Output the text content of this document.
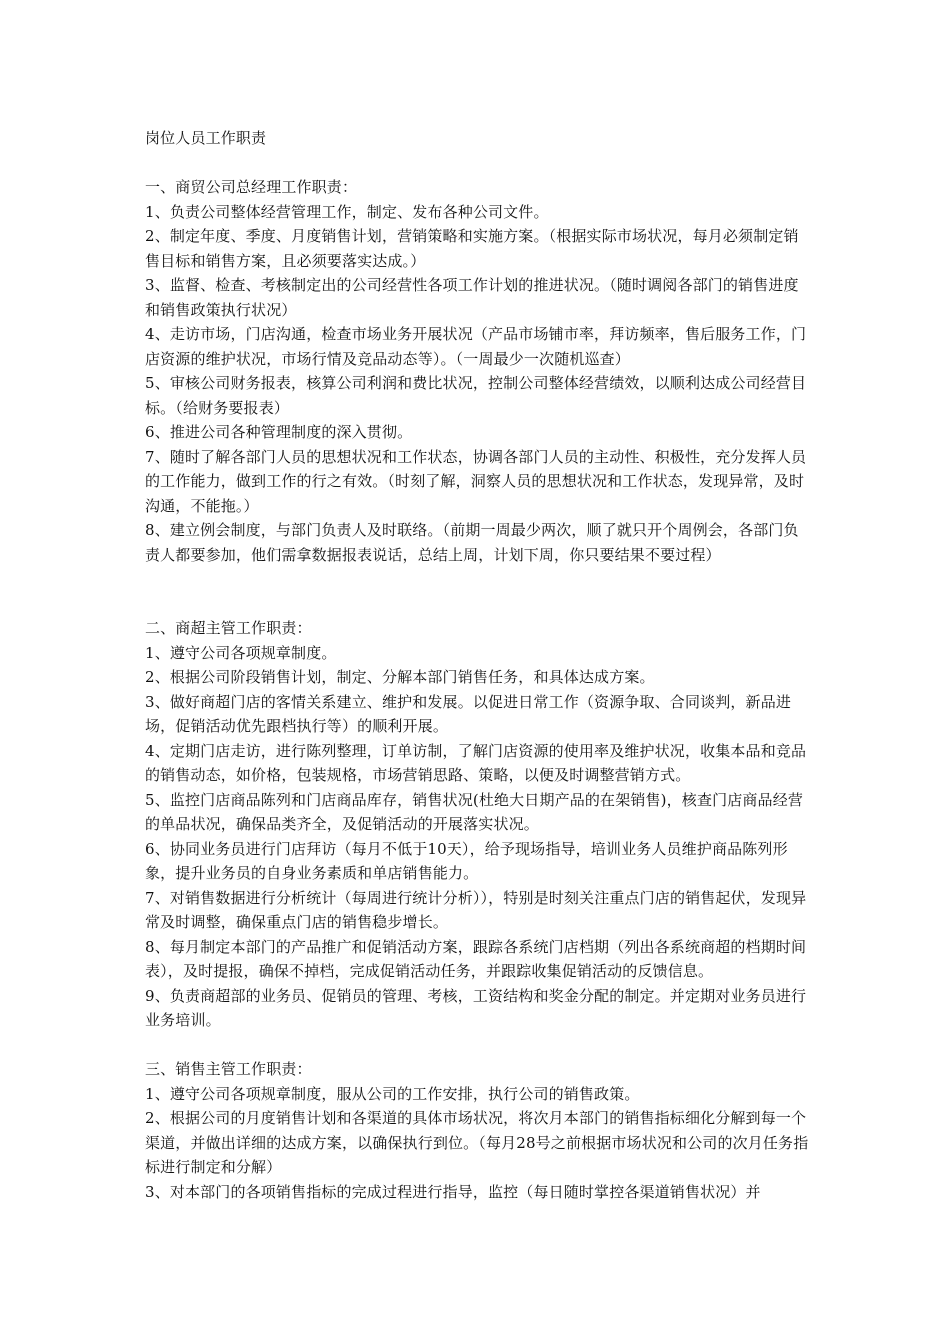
岗位人员工作职责

一、商贸公司总经理工作职责：

1、负责公司整体经营管理工作，制定、发布各种公司文件。

2、制定年度、季度、月度销售计划，营销策略和实施方案。（根据实际市场状况，每月必须制定销售目标和销售方案，且必须要落实达成。）

3、监督、检查、考核制定出的公司经营性各项工作计划的推进状况。（随时调阅各部门的销售进度和销售政策执行状况）

4、走访市场，门店沟通，检查市场业务开展状况（产品市场铺市率，拜访频率，售后服务工作，门店资源的维护状况，市场行情及竞品动态等）。（一周最少一次随机巡查）

5、审核公司财务报表，核算公司利润和费比状况，控制公司整体经营绩效，以顺利达成公司经营目标。（给财务要报表）

6、推进公司各种管理制度的深入贯彻。

7、随时了解各部门人员的思想状况和工作状态，协调各部门人员的主动性、积极性，充分发挥人员的工作能力，做到工作的行之有效。（时刻了解，洞察人员的思想状况和工作状态，发现异常，及时沟通，不能拖。）

8、建立例会制度，与部门负责人及时联络。（前期一周最少两次，顺了就只开个周例会，各部门负责人都要参加，他们需拿数据报表说话，总结上周，计划下周，你只要结果不要过程）

二、商超主管工作职责：

1、遵守公司各项规章制度。

2、根据公司阶段销售计划，制定、分解本部门销售任务，和具体达成方案。

3、做好商超门店的客情关系建立、维护和发展。以促进日常工作（资源争取、合同谈判，新品进场，促销活动优先跟档执行等）的顺利开展。

4、定期门店走访，进行陈列整理，订单访制，了解门店资源的使用率及维护状况，收集本品和竞品的销售动态，如价格，包装规格，市场营销思路、策略，以便及时调整营销方式。

5、监控门店商品陈列和门店商品库存，销售状况(杜绝大日期产品的在架销售)，核查门店商品经营的单品状况，确保品类齐全，及促销活动的开展落实状况。

6、协同业务员进行门店拜访（每月不低于10天），给予现场指导，培训业务人员维护商品陈列形象，提升业务员的自身业务素质和单店销售能力。

7、对销售数据进行分析统计（每周进行统计分析）），特别是时刻关注重点门店的销售起伏，发现异常及时调整，确保重点门店的销售稳步增长。

8、每月制定本部门的产品推广和促销活动方案，跟踪各系统门店档期（列出各系统商超的档期时间表），及时提报，确保不掉档，完成促销活动任务，并跟踪收集促销活动的反馈信息。

9、负责商超部的业务员、促销员的管理、考核，工资结构和奖金分配的制定。并定期对业务员进行业务培训。

三、销售主管工作职责：

1、遵守公司各项规章制度，服从公司的工作安排，执行公司的销售政策。

2、根据公司的月度销售计划和各渠道的具体市场状况，将次月本部门的销售指标细化分解到每一个渠道，并做出详细的达成方案，以确保执行到位。（每月28号之前根据市场状况和公司的次月任务指标进行制定和分解）

3、对本部门的各项销售指标的完成过程进行指导，监控（每日随时掌控各渠道销售状况）并
